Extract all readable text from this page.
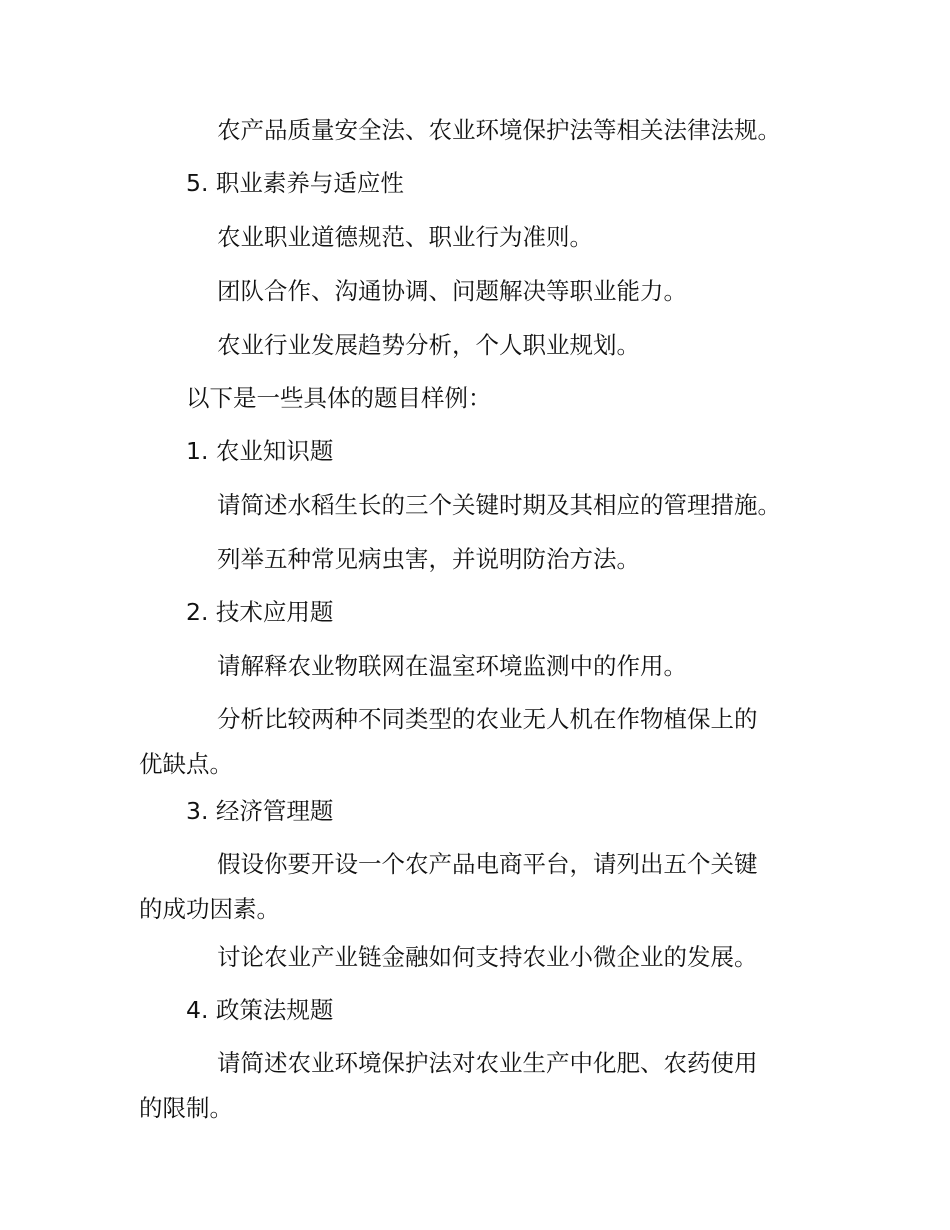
农产品质量安全法、农业环境保护法等相关法律法规。
5. 职业素养与适应性
农业职业道德规范、职业行为准则。
团队合作、沟通协调、问题解决等职业能力。
农业行业发展趋势分析，个人职业规划。
以下是一些具体的题目样例：
1. 农业知识题
请简述水稻生长的三个关键时期及其相应的管理措施。
列举五种常见病虫害，并说明防治方法。
2. 技术应用题
请解释农业物联网在温室环境监测中的作用。
分析比较两种不同类型的农业无人机在作物植保上的
优缺点。
3. 经济管理题
假设你要开设一个农产品电商平台，请列出五个关键
的成功因素。
讨论农业产业链金融如何支持农业小微企业的发展。
4. 政策法规题
请简述农业环境保护法对农业生产中化肥、农药使用
的限制。
